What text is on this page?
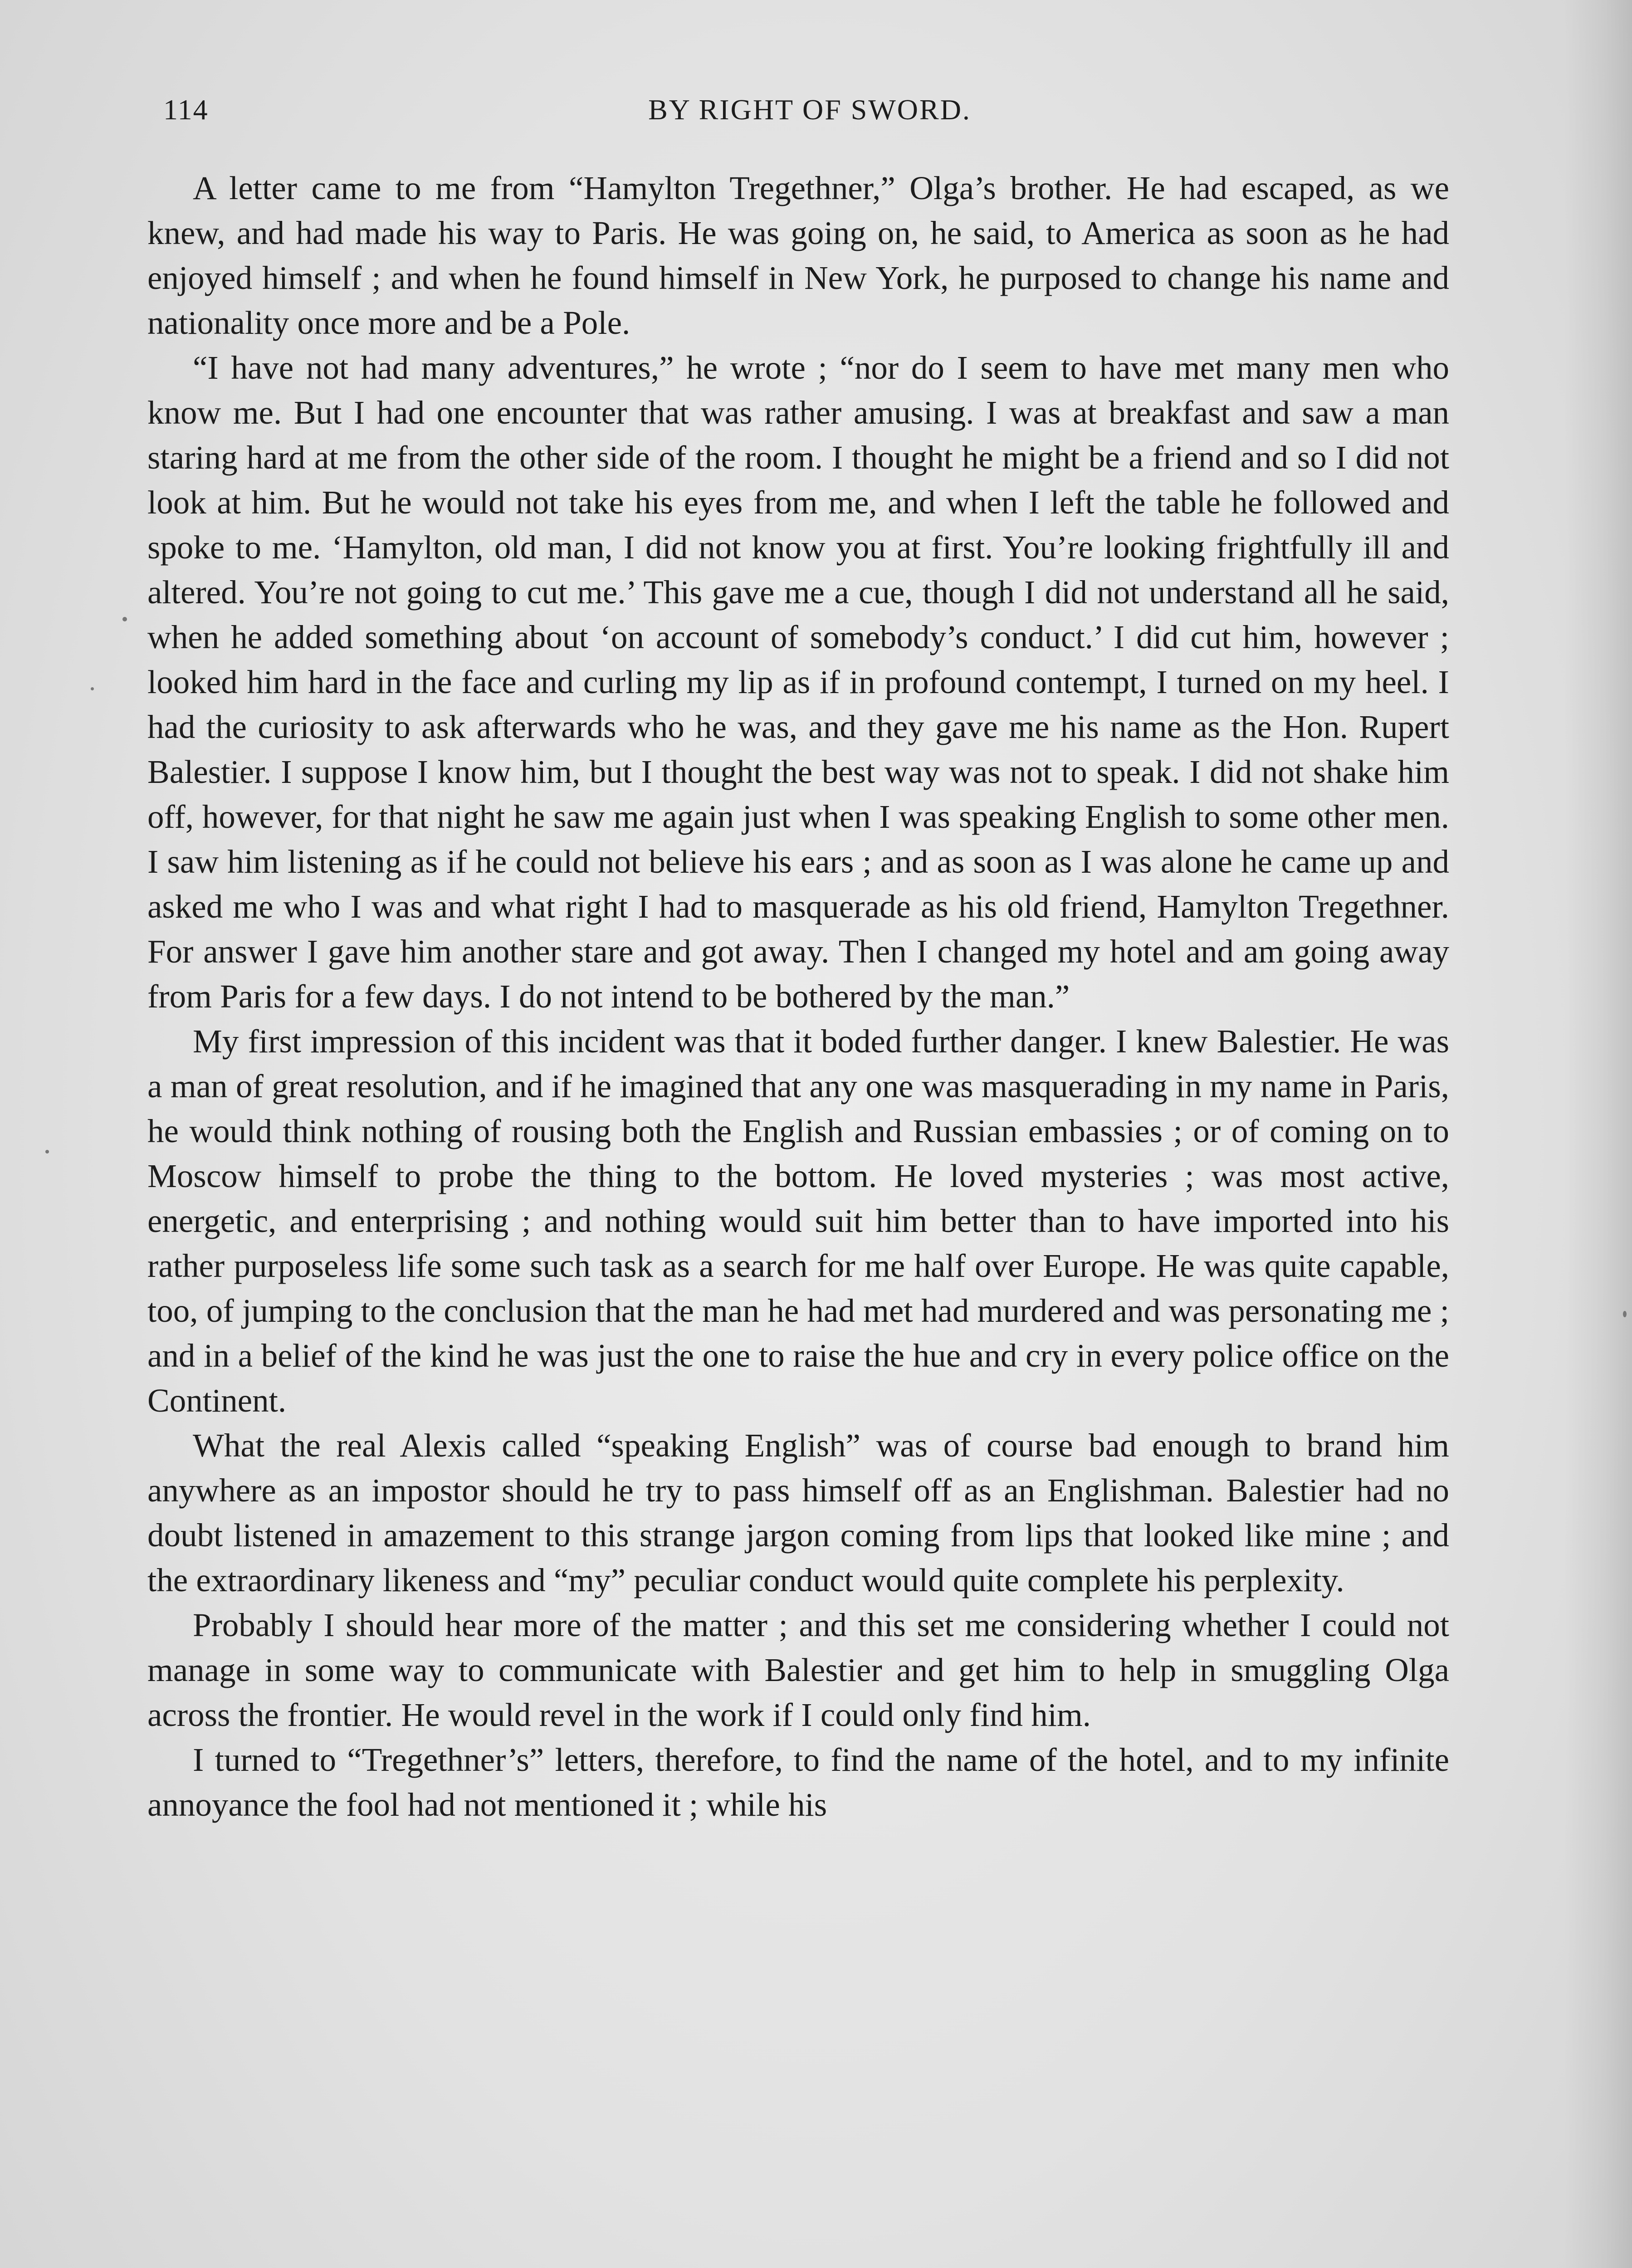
114	BY RIGHT OF SWORD.

A letter came to me from “Hamylton Tregethner,” Olga’s brother. He had escaped, as we knew, and had made his way to Paris. He was going on, he said, to America as soon as he had enjoyed himself ; and when he found himself in New York, he purposed to change his name and nationality once more and be a Pole.

“I have not had many adventures,” he wrote ; “nor do I seem to have met many men who know me. But I had one encounter that was rather amusing. I was at breakfast and saw a man staring hard at me from the other side of the room. I thought he might be a friend and so I did not look at him. But he would not take his eyes from me, and when I left the table he followed and spoke to me. ‘Hamylton, old man, I did not know you at first. You’re looking frightfully ill and altered. You’re not going to cut me.’ This gave me a cue, though I did not understand all he said, when he added something about ‘on account of somebody’s conduct.’ I did cut him, however ; looked him hard in the face and curling my lip as if in profound contempt, I turned on my heel. I had the curiosity to ask afterwards who he was, and they gave me his name as the Hon. Rupert Balestier. I suppose I know him, but I thought the best way was not to speak. I did not shake him off, however, for that night he saw me again just when I was speaking English to some other men. I saw him listening as if he could not believe his ears ; and as soon as I was alone he came up and asked me who I was and what right I had to masquerade as his old friend, Hamylton Tregethner. For answer I gave him another stare and got away. Then I changed my hotel and am going away from Paris for a few days. I do not intend to be bothered by the man.”

My first impression of this incident was that it boded further danger. I knew Balestier. He was a man of great resolution, and if he imagined that any one was masquerading in my name in Paris, he would think nothing of rousing both the English and Russian embassies ; or of coming on to Moscow himself to probe the thing to the bottom. He loved mysteries ; was most active, energetic, and enterprising ; and nothing would suit him better than to have imported into his rather purposeless life some such task as a search for me half over Europe. He was quite capable, too, of jumping to the conclusion that the man he had met had murdered and was personating me ; and in a belief of the kind he was just the one to raise the hue and cry in every police office on the Continent.

What the real Alexis called “speaking English” was of course bad enough to brand him anywhere as an impostor should he try to pass himself off as an Englishman. Balestier had no doubt listened in amazement to this strange jargon coming from lips that looked like mine ; and the extraordinary likeness and “my” peculiar conduct would quite complete his perplexity.

Probably I should hear more of the matter ; and this set me considering whether I could not manage in some way to communicate with Balestier and get him to help in smuggling Olga across the frontier. He would revel in the work if I could only find him.

I turned to “Tregethner’s” letters, therefore, to find the name of the hotel, and to my infinite annoyance the fool had not mentioned it ; while his
